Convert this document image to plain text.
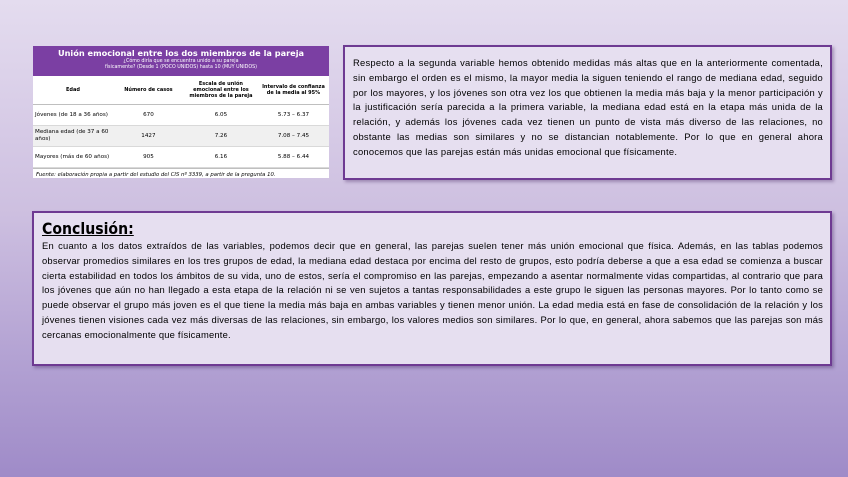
Unión emocional entre los dos miembros de la pareja
¿Cómo diría que se encuentra unido a su pareja
físicamente? (Desde 1 (POCO UNIDOS) hasta 10 (MUY UNIDOS)
Edad	Número de casos	Escala de unión emocional entre los miembros de la pareja	Intervalo de confianza de la media al 95%
Jóvenes (de 18 a 36 años)	670	6.05	5.73 – 6.37
Mediana edad (de 37 a 60 años)	1427	7.26	7.08 – 7.45
Mayores (más de 60 años)	905	6.16	5.88 – 6.44
Fuente: elaboración propia a partir del estudio del CIS nº 3339, a partir de la pregunta 10.

Respecto a la segunda variable hemos obtenido medidas más altas que en la anteriormente comentada, sin embargo el orden es el mismo, la mayor media la siguen teniendo el rango de mediana edad, seguido por los mayores, y los jóvenes son otra vez los que obtienen la media más baja y la menor participación y la justificación sería parecida a la primera variable, la mediana edad está en la etapa más unida de la relación, y además los jóvenes cada vez tienen un punto de vista más diverso de las relaciones, no obstante las medias son similares y no se distancian notablemente. Por lo que en general ahora conocemos que las parejas están más unidas emocional que físicamente.

Conclusión:

En cuanto a los datos extraídos de las variables, podemos decir que en general, las parejas suelen tener más unión emocional que física. Además, en las tablas podemos observar promedios similares en los tres grupos de edad, la mediana edad destaca por encima del resto de grupos, esto podría deberse a que a esa edad se comienza a buscar cierta estabilidad en todos los ámbitos de su vida, uno de estos, sería el compromiso en las parejas, empezando a asentar normalmente vidas compartidas, al contrario que para los jóvenes que aún no han llegado a esta etapa de la relación ni se ven sujetos a tantas responsabilidades a este grupo le siguen las personas mayores. Por lo tanto como se puede observar el grupo más joven es el que tiene la media más baja en ambas variables y tienen menor unión. La edad media está en fase de consolidación de la relación y los jóvenes tienen visiones cada vez más diversas de las relaciones, sin embargo, los valores medios son similares. Por lo que, en general, ahora sabemos que las parejas son más cercanas emocionalmente que físicamente.
